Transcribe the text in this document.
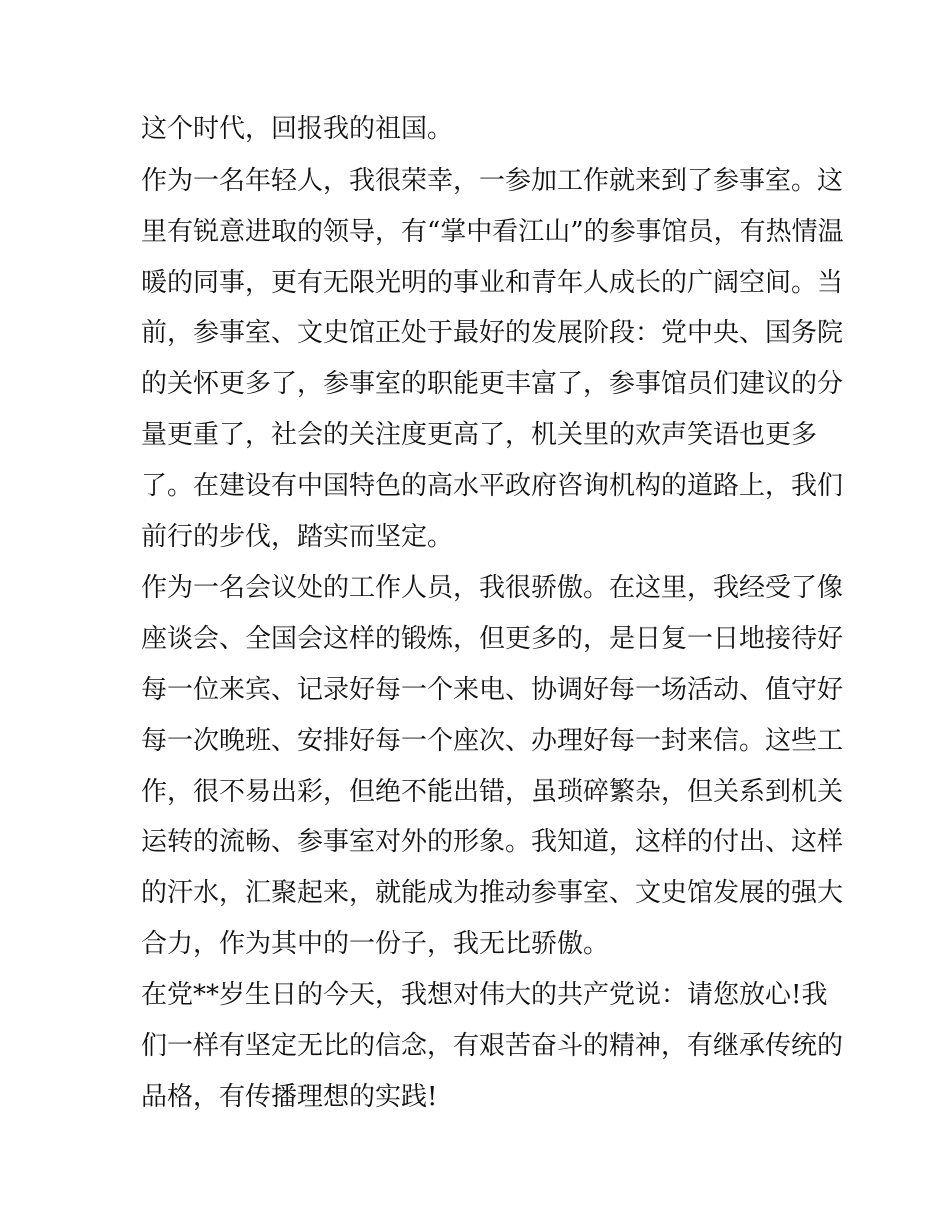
这个时代，回报我的祖国。
作为一名年轻人，我很荣幸，一参加工作就来到了参事室。这
里有锐意进取的领导，有“掌中看江山”的参事馆员，有热情温
暖的同事，更有无限光明的事业和青年人成长的广阔空间。当
前，参事室、文史馆正处于最好的发展阶段：党中央、国务院
的关怀更多了，参事室的职能更丰富了，参事馆员们建议的分
量更重了，社会的关注度更高了，机关里的欢声笑语也更多
了。在建设有中国特色的高水平政府咨询机构的道路上，我们
前行的步伐，踏实而坚定。
作为一名会议处的工作人员，我很骄傲。在这里，我经受了像
座谈会、全国会这样的锻炼，但更多的，是日复一日地接待好
每一位来宾、记录好每一个来电、协调好每一场活动、值守好
每一次晚班、安排好每一个座次、办理好每一封来信。这些工
作，很不易出彩，但绝不能出错，虽琐碎繁杂，但关系到机关
运转的流畅、参事室对外的形象。我知道，这样的付出、这样
的汗水，汇聚起来，就能成为推动参事室、文史馆发展的强大
合力，作为其中的一份子，我无比骄傲。
在党**岁生日的今天，我想对伟大的共产党说：请您放心!我
们一样有坚定无比的信念，有艰苦奋斗的精神，有继承传统的
品格，有传播理想的实践!
